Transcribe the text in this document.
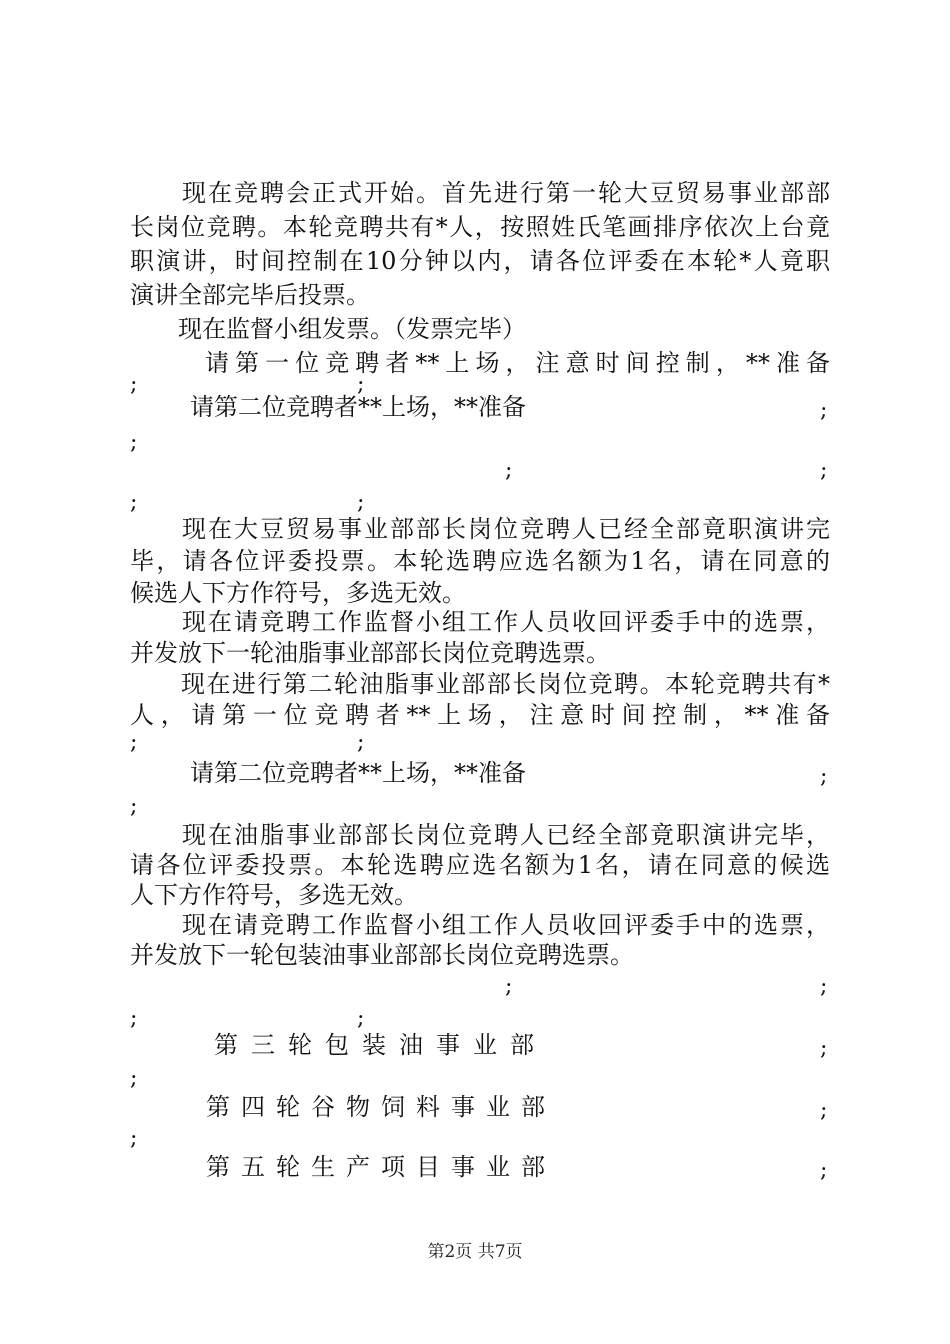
　　现在竞聘会正式开始。首先进行第一轮大豆贸易事业部部
长岗位竞聘。本轮竞聘共有*人，按照姓氏笔画排序依次上台竟
职演讲，时间控制在10分钟以内，请各位评委在本轮*人竟职
演讲全部完毕后投票。
　　现在监督小组发票。（发票完毕）
请第一位竞聘者**上场，注意时间控制，**准备
;	;
请第二位竞聘者**上场，**准备	;
;
;	;
;	;
　　现在大豆贸易事业部部长岗位竞聘人已经全部竟职演讲完
毕，请各位评委投票。本轮选聘应选名额为1名，请在同意的
候选人下方作符号，多选无效。
　　现在请竞聘工作监督小组工作人员收回评委手中的选票，
并发放下一轮油脂事业部部长岗位竞聘选票。
　　现在进行第二轮油脂事业部部长岗位竞聘。本轮竞聘共有*
人，请第一位竞聘者**上场，注意时间控制，**准备
;	;
请第二位竞聘者**上场，**准备	;
;
　　现在油脂事业部部长岗位竞聘人已经全部竟职演讲完毕，
请各位评委投票。本轮选聘应选名额为1名，请在同意的候选
人下方作符号，多选无效。
　　现在请竞聘工作监督小组工作人员收回评委手中的选票，
并发放下一轮包装油事业部部长岗位竞聘选票。
;	;
;	;
第三轮包装油事业部	;
;
第四轮谷物饲料事业部	;
;
第五轮生产项目事业部	;
第2页 共7页
